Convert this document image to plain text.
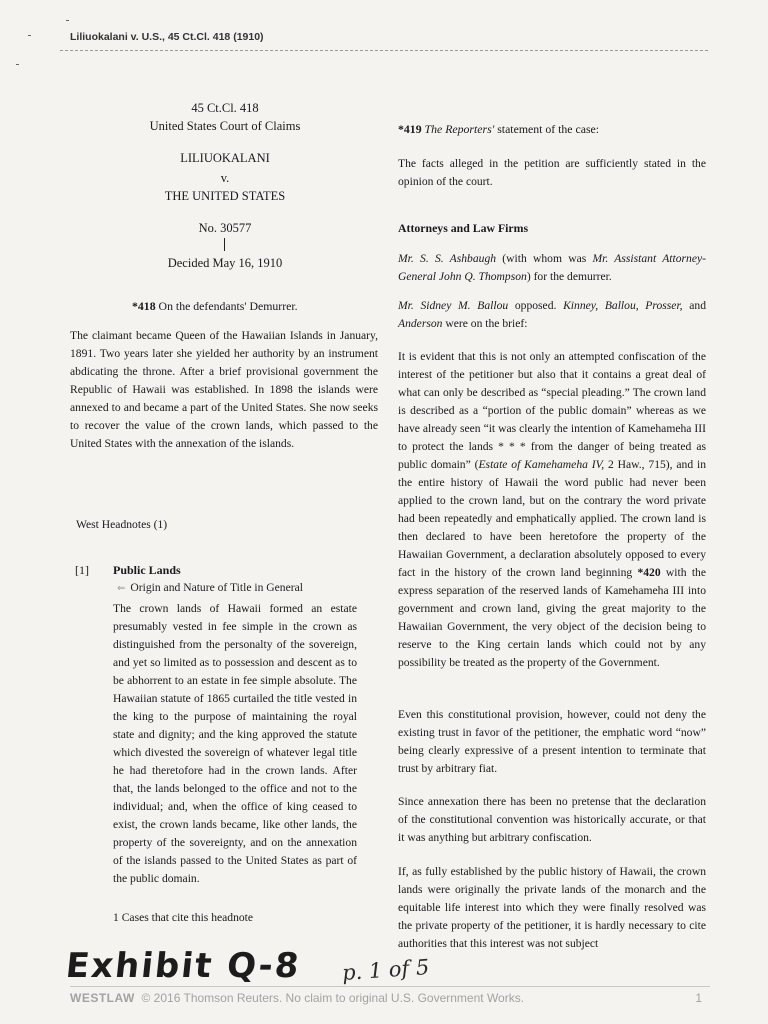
Liliuokalani v. U.S., 45 Ct.Cl. 418 (1910)
45 Ct.Cl. 418
United States Court of Claims
LILIUOKALANI
v.
THE UNITED STATES
No. 30577
Decided May 16, 1910
*418 On the defendants' Demurrer.

The claimant became Queen of the Hawaiian Islands in January, 1891. Two years later she yielded her authority by an instrument abdicating the throne. After a brief provisional government the Republic of Hawaii was established. In 1898 the islands were annexed to and became a part of the United States. She now seeks to recover the value of the crown lands, which passed to the United States with the annexation of the islands.

West Headnotes (1)
[1] Public Lands
⇐ Origin and Nature of Title in General

The crown lands of Hawaii formed an estate presumably vested in fee simple in the crown as distinguished from the personalty of the sovereign, and yet so limited as to possession and descent as to be abhorrent to an estate in fee simple absolute. The Hawaiian statute of 1865 curtailed the title vested in the king to the purpose of maintaining the royal state and dignity; and the king approved the statute which divested the sovereign of whatever legal title he had theretofore had in the crown lands. After that, the lands belonged to the office and not to the individual; and, when the office of king ceased to exist, the crown lands became, like other lands, the property of the sovereignty, and on the annexation of the islands passed to the United States as part of the public domain.

1 Cases that cite this headnote
*419 The Reporters' statement of the case:

The facts alleged in the petition are sufficiently stated in the opinion of the court.

Attorneys and Law Firms

Mr. S. S. Ashbaugh (with whom was Mr. Assistant Attorney-General John Q. Thompson) for the demurrer.

Mr. Sidney M. Ballou opposed. Kinney, Ballou, Prosser, and Anderson were on the brief:

It is evident that this is not only an attempted confiscation of the interest of the petitioner but also that it contains a great deal of what can only be described as “special pleading.” The crown land is described as a “portion of the public domain” whereas as we have already seen “it was clearly the intention of Kamehameha III to protect the lands * * * from the danger of being treated as public domain” (Estate of Kamehameha IV, 2 Haw., 715), and in the entire history of Hawaii the word public had never been applied to the crown land, but on the contrary the word private had been repeatedly and emphatically applied. The crown land is then declared to have been heretofore the property of the Hawaiian Government, a declaration absolutely opposed to every fact in the history of the crown land beginning *420 with the express separation of the reserved lands of Kamehameha III into government and crown land, giving the great majority to the Hawaiian Government, the very object of the decision being to reserve to the King certain lands which could not by any possibility be treated as the property of the Government.

Even this constitutional provision, however, could not deny the existing trust in favor of the petitioner, the emphatic word “now” being clearly expressive of a present intention to terminate that trust by arbitrary fiat.

Since annexation there has been no pretense that the declaration of the constitutional convention was historically accurate, or that it was anything but arbitrary confiscation.

If, as fully established by the public history of Hawaii, the crown lands were originally the private lands of the monarch and the equitable life interest into which they were finally resolved was the private property of the petitioner, it is hardly necessary to cite authorities that this interest was not subject

Exhibit Q-8 p. 1 of 5
WESTLAW © 2016 Thomson Reuters. No claim to original U.S. Government Works.	1
